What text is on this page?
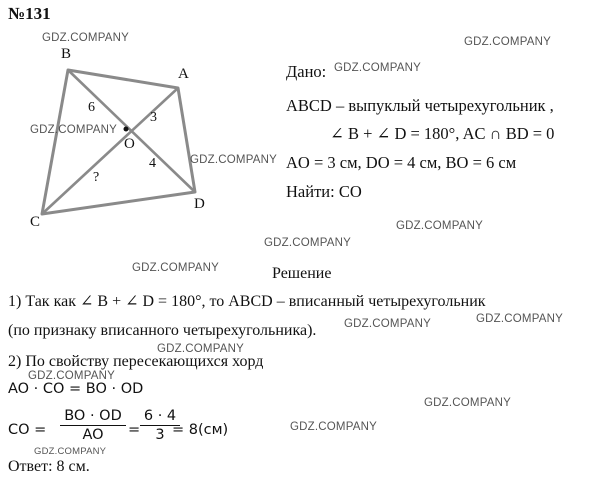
№131
B
A
C
D
O
6
3
4
?
Дано:
ABCD – выпуклый четырехугольник ,
∠ B + ∠ D = 180°, AC ∩ BD = 0
AO = 3 см, DO = 4 см, BO = 6 см
Найти: CO
Решение
1) Так как ∠ B + ∠ D = 180°, то ABCD – вписанный четырехугольник
(по признаку вписанного четырехугольника).
2) По свойству пересекающихся хорд
AO · CO = BO · OD
CO =
BO · OD
AO	=
6 · 4
3 = 8(см)
Ответ: 8 см.
GDZ.COMPANY	GDZ.COMPANY
GDZ.COMPANY
GDZ.COMPANY
GDZ.COMPANY
GDZ.COMPANY
GDZ.COMPANY
GDZ.COMPANY
GDZ.COMPANY	GDZ.COMPANY
GDZ.COMPANY
GDZ.COMPANY
GDZ.COMPANY
GDZ.COMPANY
GDZ.COMPANY
